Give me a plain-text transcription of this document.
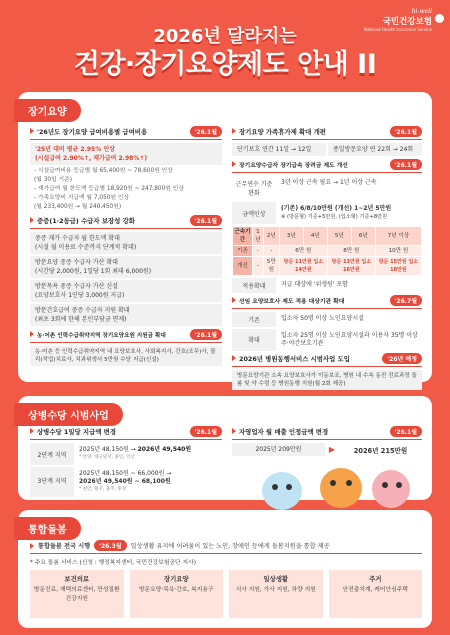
hi-well
국민건강보험
National Health Insurance Service
2026년 달라지는
건강·장기요양제도 안내 II
장기요양
'26년도 장기요양 급여비용별 급여비용	'26.1월
'25년 대비 평균 2.95% 인상
(시설급여 2.90%↑, 재가급여 2.98%↑)
- 시설급여비용 등급별 월 65,400원 ~ 78,600원 인상
(월 30일 기준)
- 재가급여 월 한도액 등급별 18,920원 ~ 247,800원 인상
- 가족요양비 지급액 월 7,050원 인상
(월 233,400원 → 월 240,450원)
중증(1·2등급) 수급자 보장성 강화	'26.1월
중증 재가 수급자 월 한도액 확대
(시설 월 이용료 수준까지 단계적 확대)
방문요양 중증 수급자 가산 확대
(시간당 2,000원, 1일당 1회 최대 6,000원)
방문목욕 중증 수급자 가산 신설
(요양보호사 1인당 3,000원 지급)
방문간호급여 중증 수급자 지원 확대
(최초 3회에 한해 본인부담금 면제)
농·어촌 인력수급취약지역 장기요양요원 지원금 확대	'26.1월
농·어촌 등 인력수급취약지역 내 요양보호사, 사회복지사, 간호(조무)사, 물리(작업)치료사, 치과위생사 5만원 수당 지급(신설)
장기요양 가족휴가제 확대 개편	'26.1월
단기보호 연간 11일 → 12일	종일방문요양 연 22회 → 24회
장기요양수급자 장기급속 장려금 제도 개선	'26.1월
근무연수 기준 완화
3년 이상 근속 필요 → 1년 이상 근속
금액인상
(기존) 6/8/10만원 (개선) 1~2년 5만원
※ (방문형) 기준+5만원, (입소형) 기준+8만원
근속기간	1년	2년	3년	4년	5년	6년	7년 이상
기존	-	-	6만 원		8만 원		10만 원
개선	-	5만 원	방문 11만원 입소 14만원		방문 13만원 입소 16만원		방문 15만원 입소 18만원
적용확대	지급 대상에 '위생원' 포함
선임 요양보호사 제도 적용 대상기관 확대	'26.7월
기존	입소자 50명 이상 노인요양시설
확대
입소자 25명 이상 노인요양시설과 이용자 35명 이상 주·야간보호기관
2026년 병원동행서비스 시범사업 도입	'26년 예정
방문요양기관 소속 요양보호사가 이동보조, 병원 내 수속 동전 진료과정 돌봄 및 약 수령 등 병원동행 지원(월 2회 제공)
상병수당 시범사업
상병수당 1일당 지급액 변경	'26.1월
2단계 지역
2025년 48,150원 → 2026년 49,540원
* 안양, 대구달서, 용인, 익산
3단계 지역
2025년 48,150원 ~ 66,000원 →
2026년 49,540원 ~ 68,100원
* 천안, 원주, 충주, 홍성
자영업자 월 매출 인정금액 변경	'26.1월
2025년 209만원	▶	2026년 215만원
통합돌봄
통합돌봄 전국 시행	'26.3월	일상생활 유지에 어려움이 있는 노인, 장애인 등에게 돌봄지원을 통합 제공
* 주요 돌봄 서비스 (신청 : 행정복지센터, 국민건강보험공단 지사)
보건의료
방문진료, 재택의료센터, 만성질환 건강지원
장기요양
방문요양·목욕·간호, 복지용구
일상생활
식사 지원, 가사 지원, 차량 지원
주거
안전출처계, 케어안심주택
